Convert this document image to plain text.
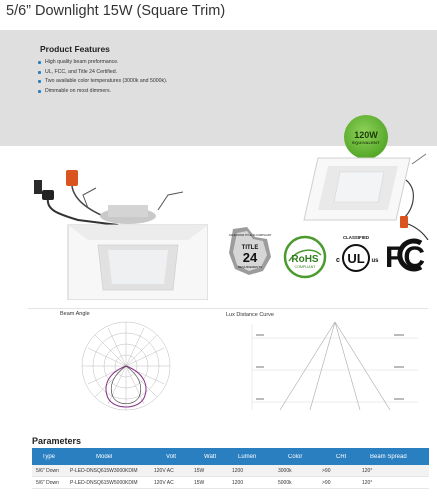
5/6” Downlight 15W (Square Trim)
Product Features
High quality beam preformance.
UL, FCC, and Title 24 Certified.
Two available color temperatures (3000k and 5000k).
Dimmable on most dimmers.
120W
EQUIVALENT
TITLE
24
REQUIREMENTS
CALIFORNIA TITLE 24 COMPLIANT
RoHS
COMPLIANT
CLASSIFIED
UL
c	us FC
Beam Angle	Lux Distance Curve
Parameters
Type	Model	Volt	Watt	Lumen	Color	CRI	Beam Spread
5/6" Down	P-LED-DNSQ615W3000KDIM	120V AC	15W	1200	3000k	>90	120°
5/6" Down	P-LED-DNSQ615W5000KDIM	120V AC	15W	1200	5000k	>90	120°
